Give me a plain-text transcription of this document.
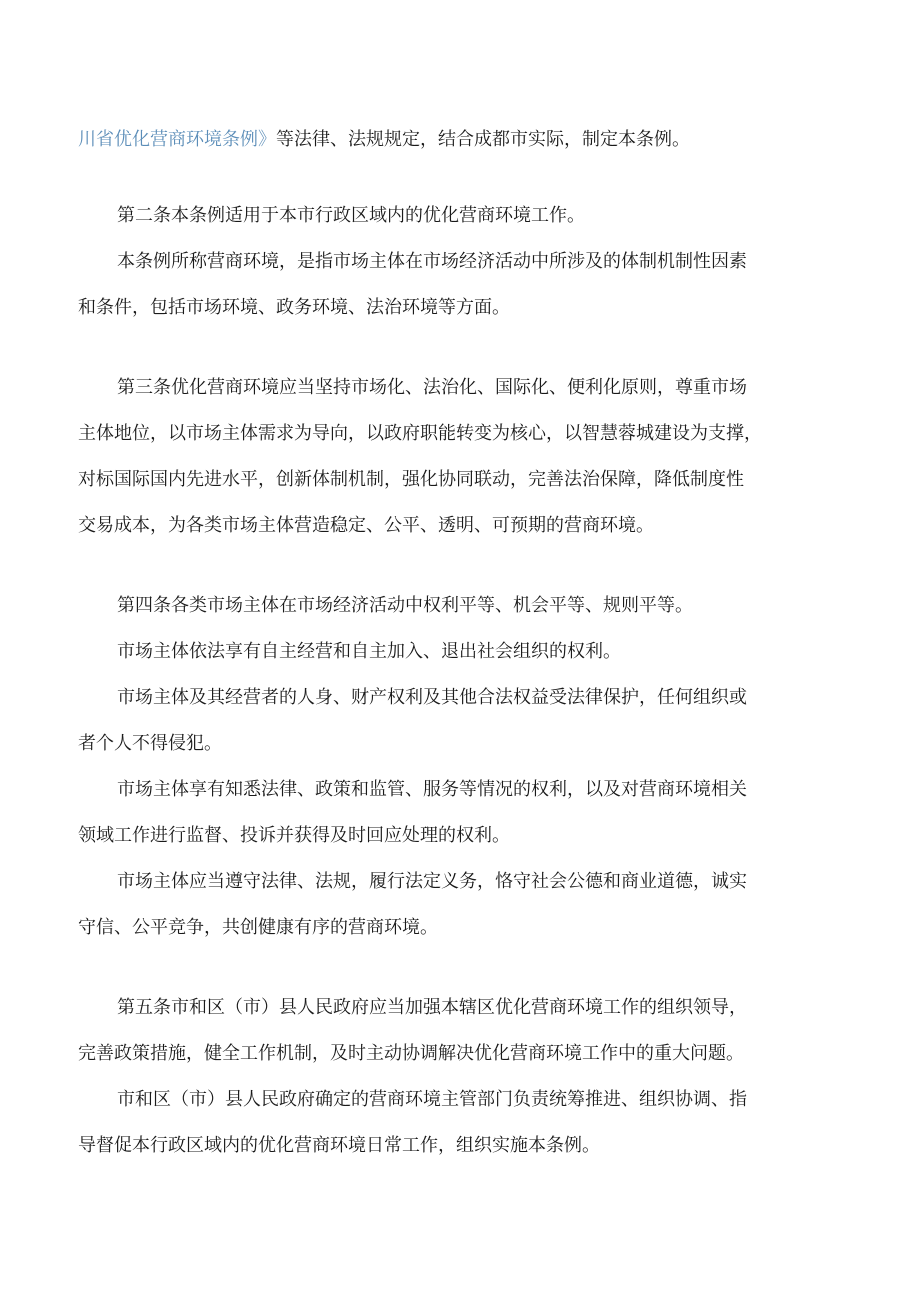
川省优化营商环境条例》等法律、法规规定，结合成都市实际，制定本条例。

第二条本条例适用于本市行政区域内的优化营商环境工作。

本条例所称营商环境，是指市场主体在市场经济活动中所涉及的体制机制性因素

和条件，包括市场环境、政务环境、法治环境等方面。

第三条优化营商环境应当坚持市场化、法治化、国际化、便利化原则，尊重市场

主体地位，以市场主体需求为导向，以政府职能转变为核心，以智慧蓉城建设为支撑，

对标国际国内先进水平，创新体制机制，强化协同联动，完善法治保障，降低制度性

交易成本，为各类市场主体营造稳定、公平、透明、可预期的营商环境。

第四条各类市场主体在市场经济活动中权利平等、机会平等、规则平等。

市场主体依法享有自主经营和自主加入、退出社会组织的权利。

市场主体及其经营者的人身、财产权利及其他合法权益受法律保护，任何组织或

者个人不得侵犯。

市场主体享有知悉法律、政策和监管、服务等情况的权利，以及对营商环境相关

领域工作进行监督、投诉并获得及时回应处理的权利。

市场主体应当遵守法律、法规，履行法定义务，恪守社会公德和商业道德，诚实

守信、公平竞争，共创健康有序的营商环境。

第五条市和区（市）县人民政府应当加强本辖区优化营商环境工作的组织领导，

完善政策措施，健全工作机制，及时主动协调解决优化营商环境工作中的重大问题。

市和区（市）县人民政府确定的营商环境主管部门负责统筹推进、组织协调、指

导督促本行政区域内的优化营商环境日常工作，组织实施本条例。
